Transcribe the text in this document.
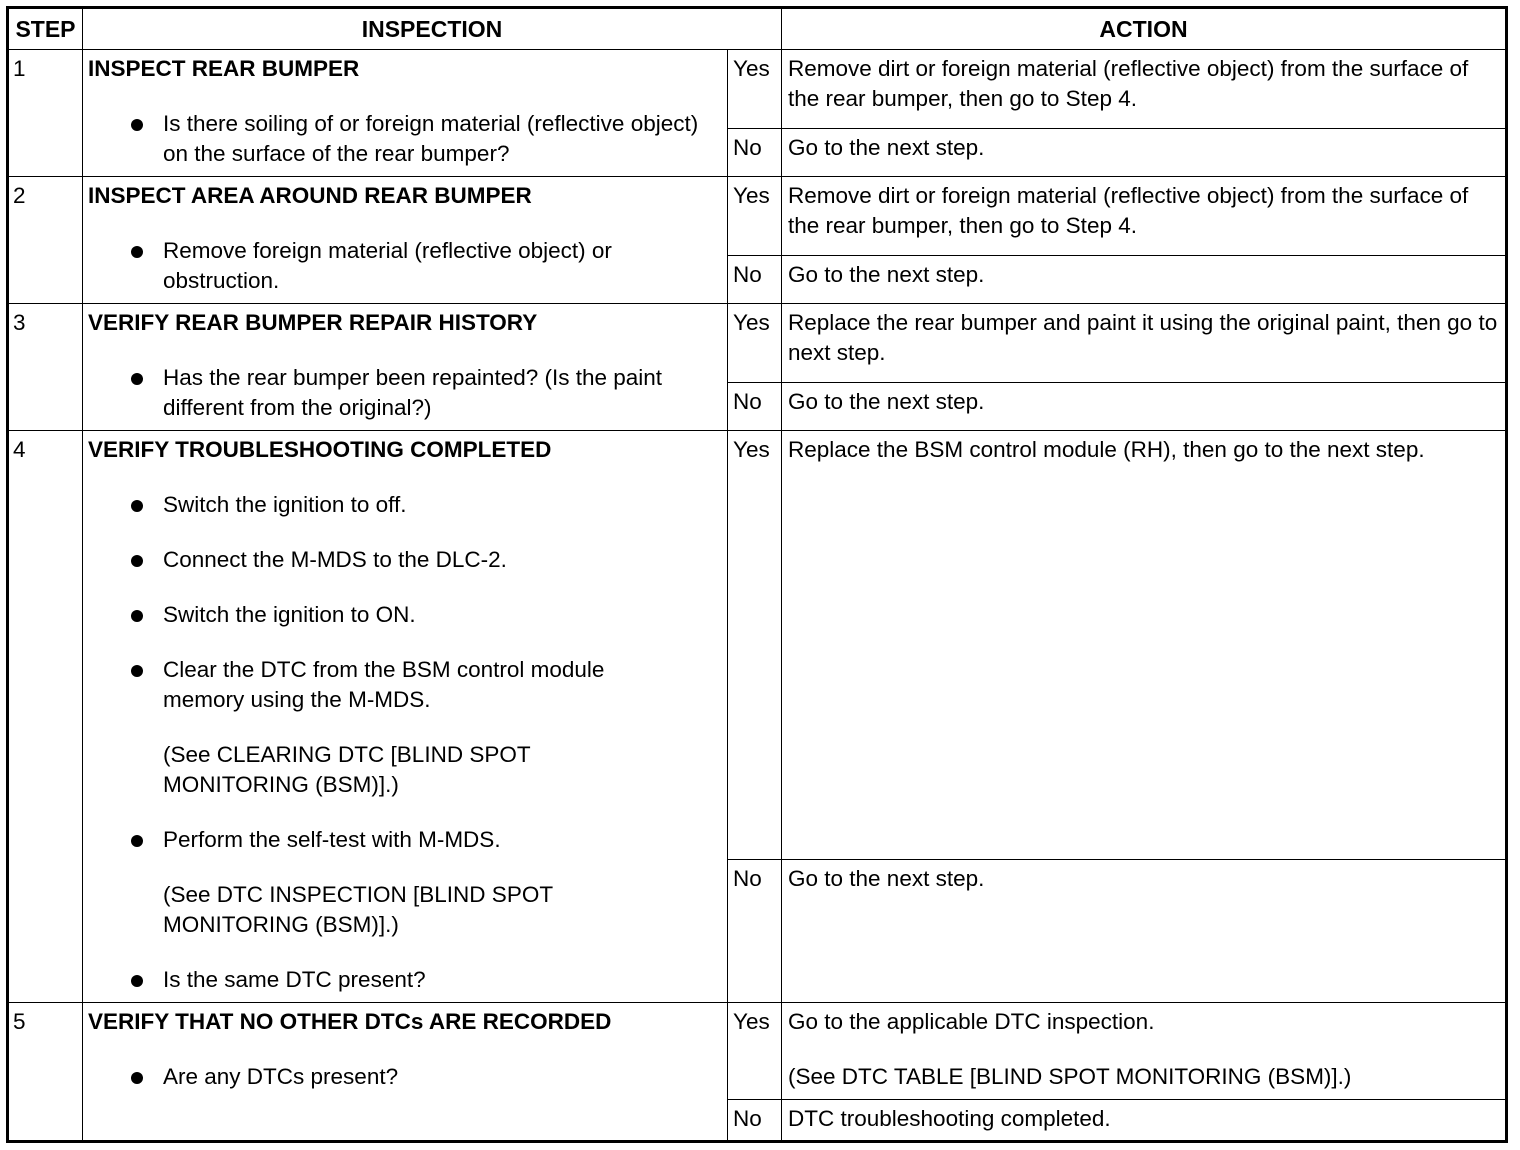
STEP	INSPECTION	ACTION
1	INSPECT REAR BUMPER
Is there soiling of or foreign material (reflective object) on the surface of the rear bumper?
Yes Remove dirt or foreign material (reflective object) from the surface of the rear bumper, then go to Step 4.

No	Go to the next step.

2	INSPECT AREA AROUND REAR BUMPER
Remove foreign material (reflective object) or obstruction.
Yes Remove dirt or foreign material (reflective object) from the surface of the rear bumper, then go to Step 4.

No	Go to the next step.

3	VERIFY REAR BUMPER REPAIR HISTORY
Has the rear bumper been repainted? (Is the paint different from the original?)
Yes Replace the rear bumper and paint it using the original paint, then go to next step.

No	Go to the next step.

4	VERIFY TROUBLESHOOTING COMPLETED
Switch the ignition to off.
Connect the M-MDS to the DLC-2.
Switch the ignition to ON.
Clear the DTC from the BSM control module memory using the M-MDS.
(See CLEARING DTC [BLIND SPOT MONITORING (BSM)].)
Perform the self-test with M-MDS.
(See DTC INSPECTION [BLIND SPOT MONITORING (BSM)].)
Is the same DTC present?
Yes Replace the BSM control module (RH), then go to the next step.

No	Go to the next step.

5	VERIFY THAT NO OTHER DTCs ARE RECORDED
Are any DTCs present?
Yes Go to the applicable DTC inspection.

(See DTC TABLE [BLIND SPOT MONITORING (BSM)].)

No	DTC troubleshooting completed.
